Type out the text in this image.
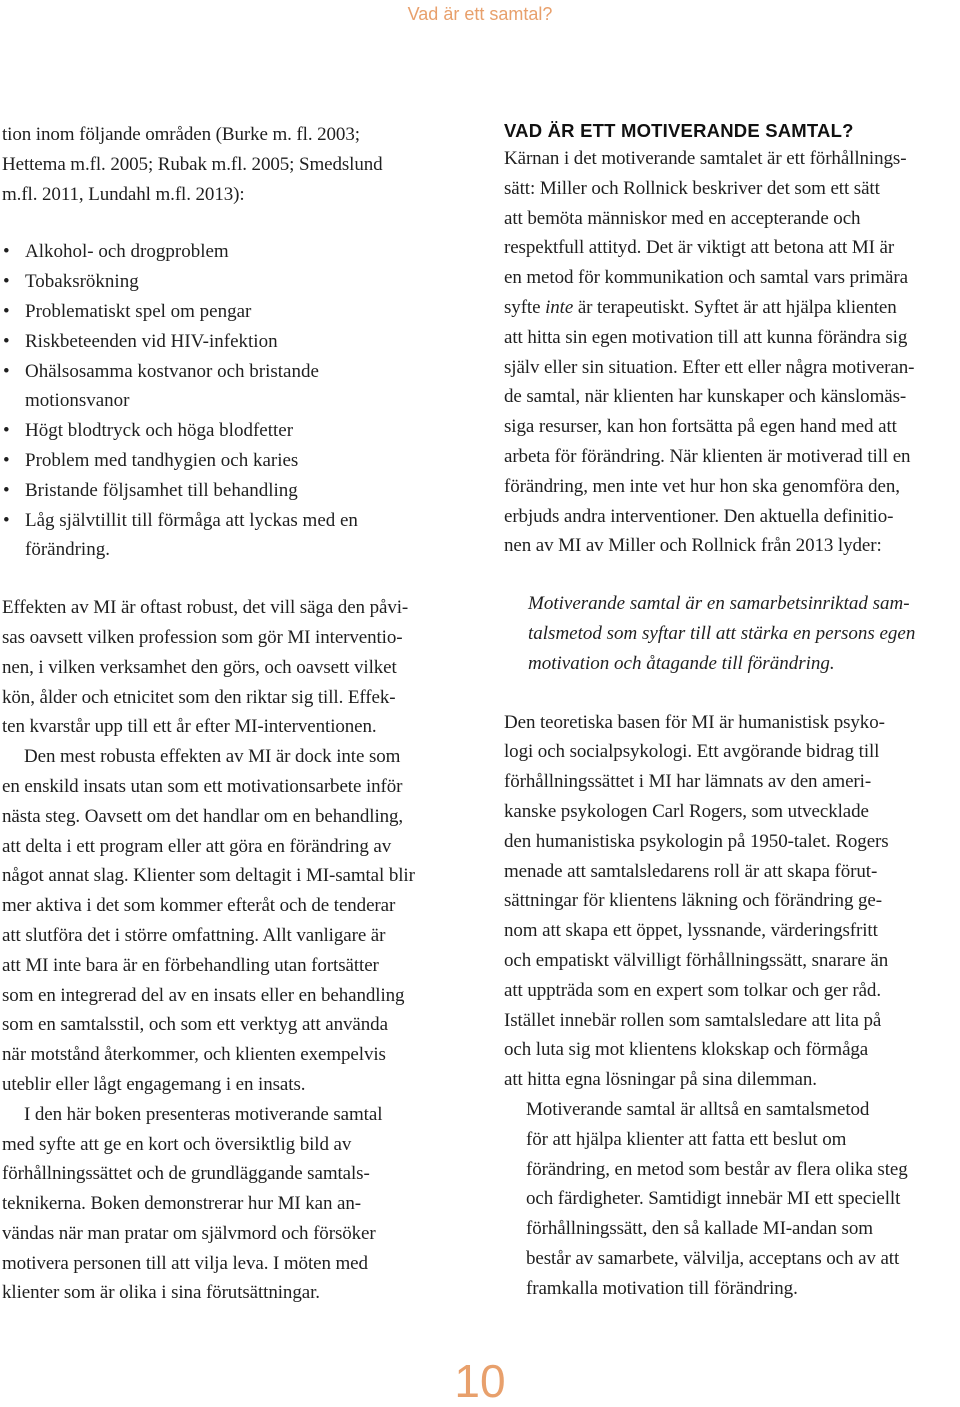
Vad är ett samtal?

tion inom följande områden (Burke m. fl. 2003;

Hettema m.fl. 2005; Rubak m.fl. 2005; Smedslund

m.fl. 2011, Lundahl m.fl. 2013):

• Alkohol- och drogproblem
• Tobaksrökning
• Problematiskt spel om pengar
• Riskbeteenden vid HIV-infektion
• Ohälsosamma kostvanor och bristande
motionsvanor
• Högt blodtryck och höga blodfetter
• Problem med tandhygien och karies
• Bristande följsamhet till behandling
• Låg självtillit till förmåga att lyckas med en
förändring.

Effekten av MI är oftast robust, det vill säga den påvi-

sas oavsett vilken profession som gör MI interventio-

nen, i vilken verksamhet den görs, och oavsett vilket

kön, ålder och etnicitet som den riktar sig till. Effek-

ten kvarstår upp till ett år efter MI-interventionen.

Den mest robusta effekten av MI är dock inte som

en enskild insats utan som ett motivationsarbete inför

nästa steg. Oavsett om det handlar om en behandling,

att delta i ett program eller att göra en förändring av

något annat slag. Klienter som deltagit i MI-samtal blir

mer aktiva i det som kommer efteråt och de tenderar

att slutföra det i större omfattning. Allt vanligare är

att MI inte bara är en förbehandling utan fortsätter

som en integrerad del av en insats eller en behandling

som en samtalsstil, och som ett verktyg att använda

när motstånd återkommer, och klienten exempelvis

uteblir eller lågt engagemang i en insats.

I den här boken presenteras motiverande samtal

med syfte att ge en kort och översiktlig bild av

förhållningssättet och de grundläggande samtals-

teknikerna. Boken demonstrerar hur MI kan an-

vändas när man pratar om självmord och försöker

motivera personen till att vilja leva. I möten med

klienter som är olika i sina förutsättningar.

VAD ÄR ETT MOTIVERANDE SAMTAL?

Kärnan i det motiverande samtalet är ett förhållnings-

sätt: Miller och Rollnick beskriver det som ett sätt

att bemöta människor med en accepterande och

respektfull attityd. Det är viktigt att betona att MI är

en metod för kommunikation och samtal vars primära

syfte inte är terapeutiskt. Syftet är att hjälpa klienten

att hitta sin egen motivation till att kunna förändra sig

själv eller sin situation. Efter ett eller några motiveran-

de samtal, när klienten har kunskaper och känslomäs-

siga resurser, kan hon fortsätta på egen hand med att

arbeta för förändring. När klienten är motiverad till en

förändring, men inte vet hur hon ska genomföra den,

erbjuds andra interventioner. Den aktuella definitio-

nen av MI av Miller och Rollnick från 2013 lyder:

Motiverande samtal är en samarbetsinriktad sam-

talsmetod som syftar till att stärka en persons egen

motivation och åtagande till förändring.

Den teoretiska basen för MI är humanistisk psyko-

logi och socialpsykologi. Ett avgörande bidrag till

förhållningssättet i MI har lämnats av den ameri-

kanske psykologen Carl Rogers, som utvecklade

den humanistiska psykologin på 1950-talet. Rogers

menade att samtalsledarens roll är att skapa förut-

sättningar för klientens läkning och förändring ge-

nom att skapa ett öppet, lyssnande, värderingsfritt

och empatiskt välvilligt förhållningssätt, snarare än

att uppträda som en expert som tolkar och ger råd.

Istället innebär rollen som samtalsledare att lita på

och luta sig mot klientens klokskap och förmåga

att hitta egna lösningar på sina dilemman.

Motiverande samtal är alltså en samtalsmetod

för att hjälpa klienter att fatta ett beslut om

förändring, en metod som består av flera olika steg

och färdigheter. Samtidigt innebär MI ett speciellt

förhållningssätt, den så kallade MI-andan som

består av samarbete, välvilja, acceptans och av att

framkalla motivation till förändring.

10
